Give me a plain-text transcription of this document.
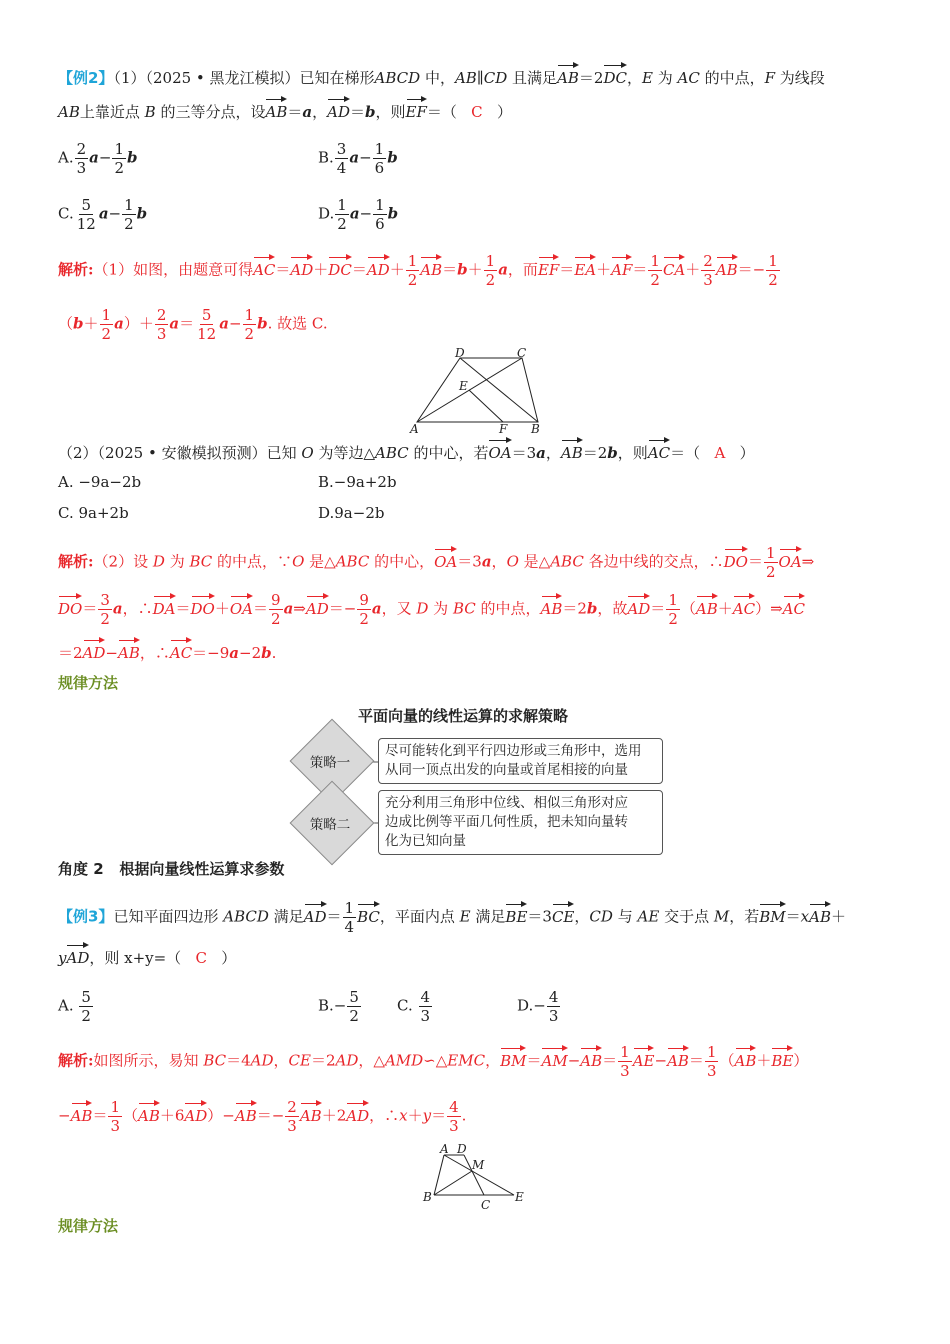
【例2】（1）（2025 • 黑龙江模拟）已知在梯形ABCD 中，AB∥CD 且满足AB＝2DC，E 为 AC 的中点，F 为线段
AB上靠近点 B 的三等分点，设AB＝a，AD＝b，则EF＝（   C   ）
A. $\frac{2}{3} a- \frac{1}{2}$ b	B. $\frac{3}{4} a- \frac{1}{6}$ b
C. $\frac{5}{12} a- \frac{1}{2}$ b	D. $\frac{1}{2} a- \frac{1}{6}$ b
解析:（1）如图，由题意可得$AC=AD+DC=AD+ \frac{1}{2} AB=b+ \frac{1}{2}$ a，而$EF=EA+AF= \frac{1}{2} CA+ \frac{2}{3} AB=- \frac{1}{2}$
$(b+ \frac{1}{2} a)+ \frac{2}{3} a= \frac{5}{12} a- \frac{1}{2} b$. 故选 C.
D	C
E
A	F B
（2）（2025 • 安徽模拟预测）已知 O 为等边△ABC 的中心，若OA＝3a，AB＝2b，则AC＝（   A   ）
A. −9a−2b	B.−9a+2b
C. 9a+2b	D.9a−2b
解析:（2）设 D 为 BC 的中点，∵O 是△ABC 的中心，OA＝3a，O 是△ABC 各边中线的交点，∴DO＝ $\frac{1}{2}$ OA⇒
$DO= \frac{3}{2}$ a，∴DA＝DO＋OA＝ $\frac{9}{2}$ a⇒AD＝− $\frac{9}{2}$ a，又 D 为 BC 的中点，AB＝2b，故$AD= \frac{1}{2}$ （AB＋AC）⇒AC
＝2AD−AB，∴AC＝−9a−2b.
规律方法
平面向量的线性运算的求解策略
策略一
尽可能转化到平行四边形或三角形中，选用
从同一顶点出发的向量或首尾相接的向量
策略二
充分利用三角形中位线、相似三角形对应
边成比例等平面几何性质，把未知向量转
化为已知向量
角度 2 根据向量线性运算求参数
【例3】已知平面四边形 ABCD 满足$AD= \frac{1}{4}$ BC，平面内点 E 满足BE＝3CE，CD 与 AE 交于点 M，若BM＝xAB＋
yAD，则 x+y=（ C   ）
A. $\frac{5}{2}$	$B.- \frac{5}{2} C$. $\frac{4}{3}$	$D.- \frac{4}{3}$
解析:如图所示，易知 BC＝4AD，CE＝2AD，△AMD∽△EMC，$BM=AM-AB= \frac{1}{3} AE-AB= \frac{1}{3} (AB+BE)$
$-AB= \frac{1}{3} (AB+6AD)-AB=- \frac{2}{3} AB+2AD$，∴x＋y＝ $\frac{4}{3}$ .
A D
M
B
C
E
规律方法
